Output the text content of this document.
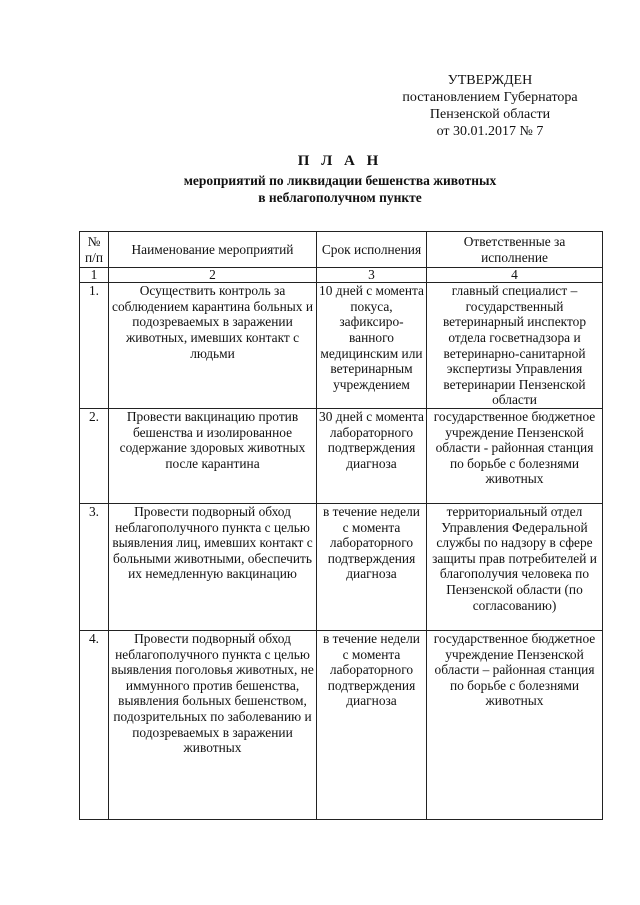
УТВЕРЖДЕН
постановлением Губернатора
Пензенской области
от 30.01.2017 № 7
П Л А Н
мероприятий по ликвидации бешенства животных
в неблагополучном пункте
№ п/п	Наименование мероприятий	Срок исполнения	Ответственные за исполнение
1	2	3	4
1.	Осуществить контроль за соблюдением карантина больных и подозреваемых в заражении животных, имевших контакт с людьми	10 дней с момента покуса, зафиксиро-ванного медицинским или ветеринарным учреждением	главный специалист – государственный ветеринарный инспектор отдела госветнадзора и ветеринарно-санитарной экспертизы Управления ветеринарии Пензенской области
2.	Провести вакцинацию против бешенства и изолированное содержание здоровых животных после карантина	30 дней с момента лабораторного подтверждения диагноза	государственное бюджетное учреждение Пензенской области - районная станция по борьбе с болезнями животных
3.	Провести подворный обход неблагополучного пункта с целью выявления лиц, имевших контакт с больными животными, обеспечить их немедленную вакцинацию	в течение недели с момента лабораторного подтверждения диагноза	территориальный отдел Управления Федеральной службы по надзору в сфере защиты прав потребителей и благополучия человека по Пензенской области (по согласованию)
4.	Провести подворный обход неблагополучного пункта с целью выявления поголовья животных, не иммунного против бешенства, выявления больных бешенством, подозрительных по заболеванию и подозреваемых в заражении животных	в течение недели с момента лабораторного подтверждения диагноза	государственное бюджетное учреждение Пензенской области – районная станция по борьбе с болезнями животных
